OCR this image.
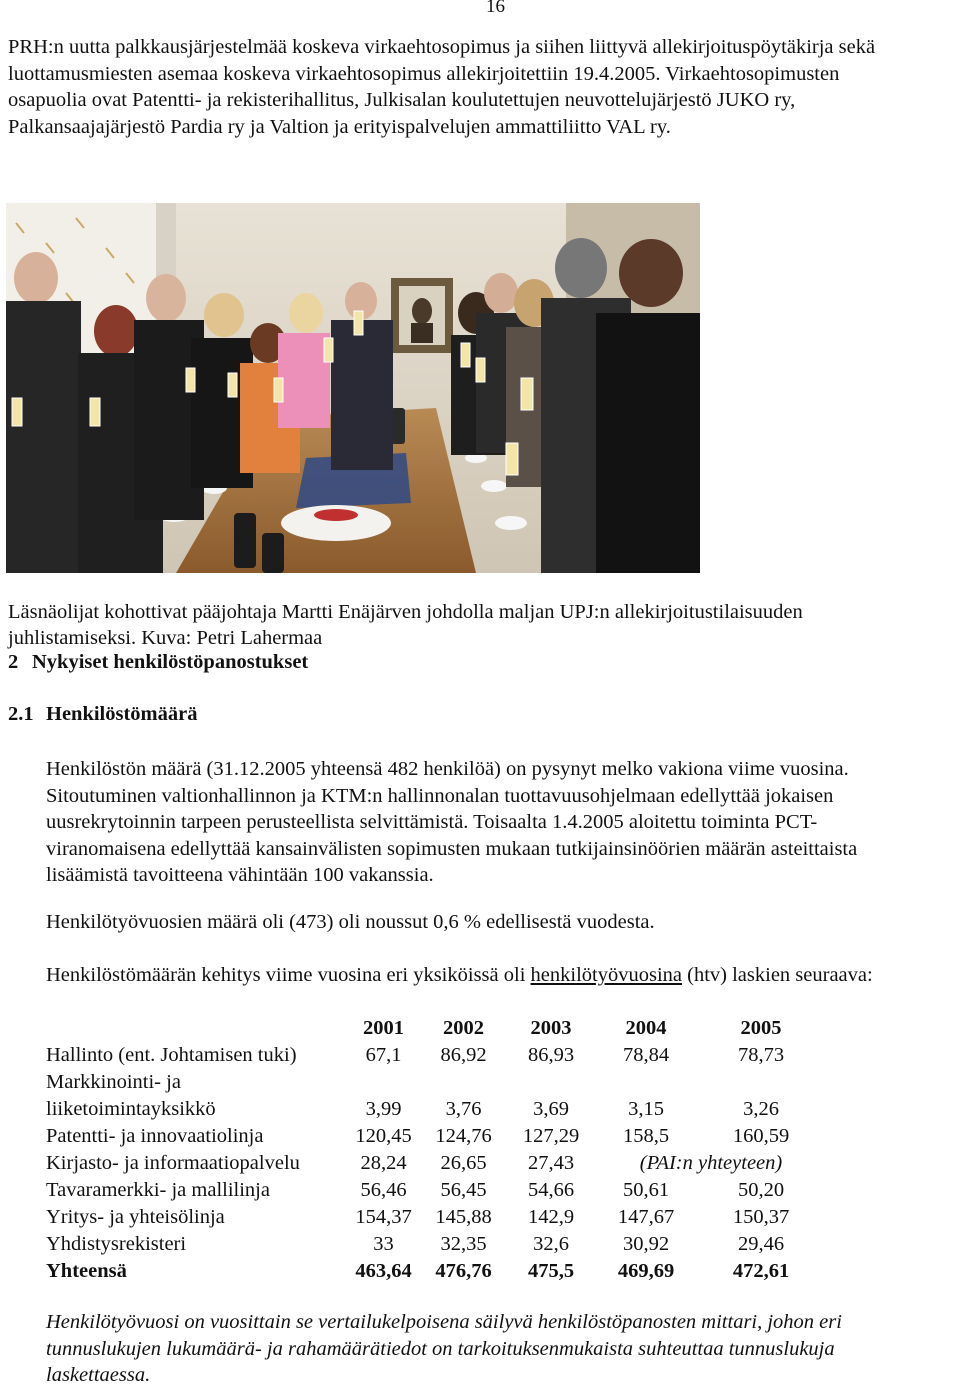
16

PRH:n uutta palkkausjärjestelmää koskeva virkaehtosopimus ja siihen liittyvä allekirjoituspöytäkirja sekä

luottamusmiesten asemaa koskeva virkaehtosopimus allekirjoitettiin 19.4.2005. Virkaehtosopimusten

osapuolia ovat Patentti- ja rekisterihallitus, Julkisalan koulutettujen neuvottelujärjestö JUKO ry,

Palkansaajajärjestö Pardia ry ja Valtion ja erityispalvelujen ammattiliitto VAL ry.

Läsnäolijat kohottivat pääjohtaja Martti Enäjärven johdolla maljan UPJ:n allekirjoitustilaisuuden

juhlistamiseksi. Kuva: Petri Lahermaa

2 Nykyiset henkilöstöpanostukset
2.1 Henkilöstömäärä

Henkilöstön määrä (31.12.2005 yhteensä 482 henkilöä) on pysynyt melko vakiona viime vuosina.

Sitoutuminen valtionhallinnon ja KTM:n hallinnonalan tuottavuusohjelmaan edellyttää jokaisen

uusrekrytoinnin tarpeen perusteellista selvittämistä. Toisaalta 1.4.2005 aloitettu toiminta PCT-

viranomaisena edellyttää kansainvälisten sopimusten mukaan tutkijainsinöörien määrän asteittaista

lisäämistä tavoitteena vähintään 100 vakanssia.

Henkilötyövuosien määrä oli (473) oli noussut 0,6 % edellisestä vuodesta.
Henkilöstömäärän kehitys viime vuosina eri yksiköissä oli henkilötyövuosina (htv) laskien seuraava:
	2001	2002	2003	2004	2005
Hallinto (ent. Johtamisen tuki)	67,1	86,92	86,93	78,84	78,73
Markkinointi- ja					
liiketoimintayksikkö	3,99	3,76	3,69	3,15	3,26
Patentti- ja innovaatiolinja	120,45	124,76	127,29	158,5	160,59
Kirjasto- ja informaatiopalvelu	28,24	26,65	27,43	(PAI:n yhteyteen)	
Tavaramerkki- ja mallilinja	56,46	56,45	54,66	50,61	50,20
Yritys- ja yhteisölinja	154,37	145,88	142,9	147,67	150,37
Yhdistysrekisteri	33	32,35	32,6	30,92	29,46
Yhteensä	463,64	476,76	475,5	469,69	472,61

Henkilötyövuosi on vuosittain se vertailukelpoisena säilyvä henkilöstöpanosten mittari, johon eri

tunnuslukujen lukumäärä- ja rahamäärätiedot on tarkoituksenmukaista suhteuttaa tunnuslukuja

laskettaessa.
